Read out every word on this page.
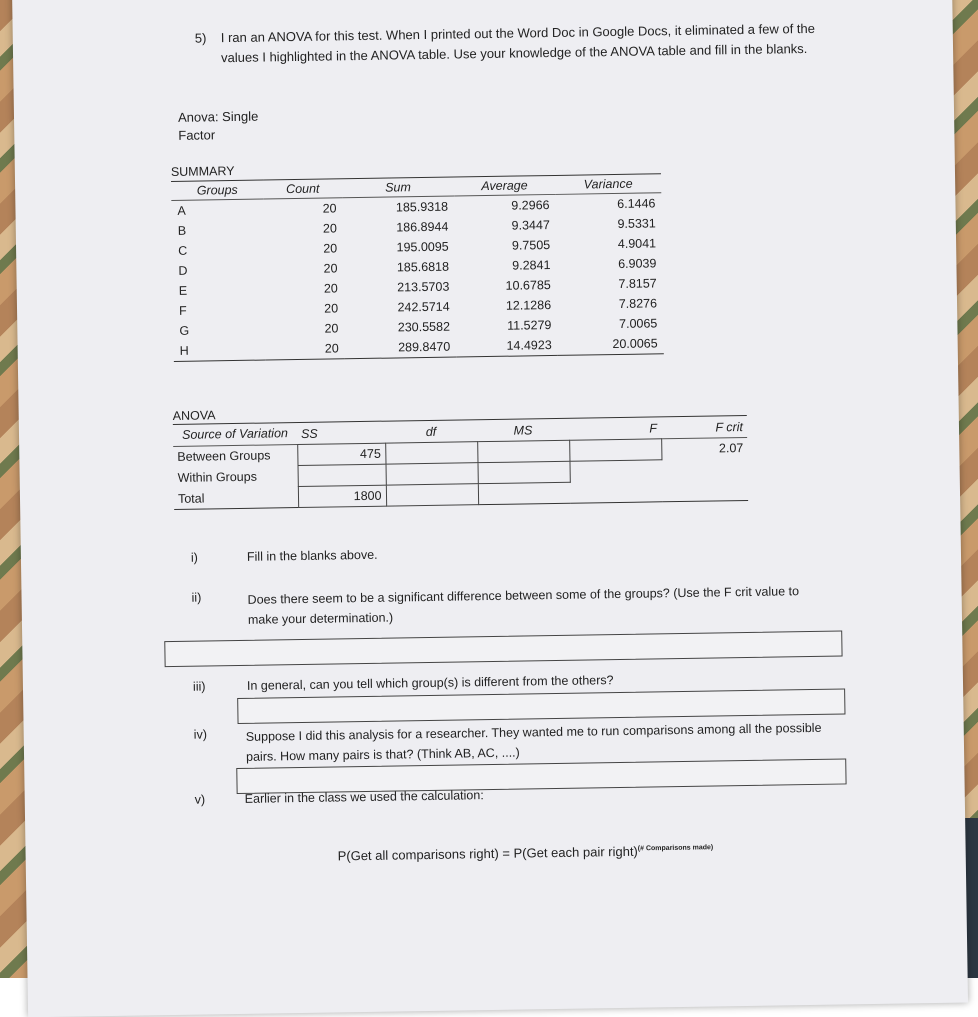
5) I ran an ANOVA for this test. When I printed out the Word Doc in Google Docs, it eliminated a few of the values I highlighted in the ANOVA table. Use your knowledge of the ANOVA table and fill in the blanks.
Anova: Single Factor
SUMMARY
Groups	Count	Sum	Average	Variance
A	20	185.9318	9.2966	6.1446
B	20	186.8944	9.3447	9.5331
C	20	195.0095	9.7505	4.9041
D	20	185.6818	9.2841	6.9039
E	20	213.5703	10.6785	7.8157
F	20	242.5714	12.1286	7.8276
G	20	230.5582	11.5279	7.0065
H	20	289.8470	14.4923	20.0065
ANOVA
Source of Variation	SS	df	MS	F	F crit
Between Groups	475				2.07
Within Groups					
Total	1800				
i)	Fill in the blanks above.
ii)	Does there seem to be a significant difference between some of the groups? (Use the F crit value to make your determination.)
iii)	In general, can you tell which group(s) is different from the others?
iv)	Suppose I did this analysis for a researcher. They wanted me to run comparisons among all the possible pairs. How many pairs is that? (Think AB, AC, ....)
v)	Earlier in the class we used the calculation:
P(Get all comparisons right) = P(Get each pair right)$^{(\# Comparisons made)}$
